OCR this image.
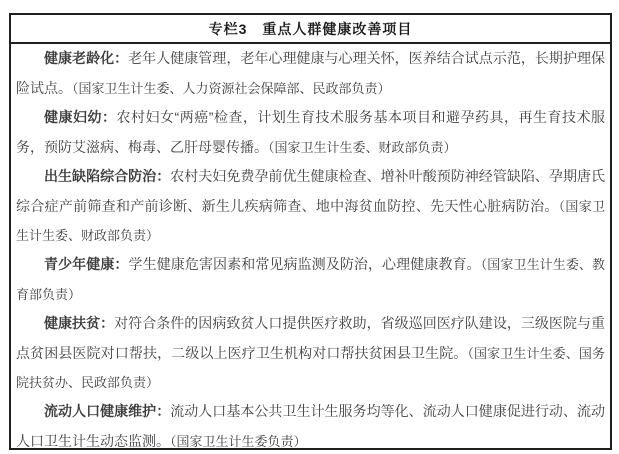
专栏3　重点人群健康改善项目

健康老龄化：老年人健康管理，老年心理健康与心理关怀，医养结合试点示范，长期护理保险试点。（国家卫生计生委、人力资源社会保障部、民政部负责）

健康妇幼：农村妇女“两癌”检查，计划生育技术服务基本项目和避孕药具，再生育技术服务，预防艾滋病、梅毒、乙肝母婴传播。（国家卫生计生委、财政部负责）

出生缺陷综合防治：农村夫妇免费孕前优生健康检查、增补叶酸预防神经管缺陷、孕期唐氏综合症产前筛查和产前诊断、新生儿疾病筛查、地中海贫血防控、先天性心脏病防治。（国家卫生计生委、财政部负责）

青少年健康：学生健康危害因素和常见病监测及防治，心理健康教育。（国家卫生计生委、教育部负责）

健康扶贫：对符合条件的因病致贫人口提供医疗救助，省级巡回医疗队建设，三级医院与重点贫困县医院对口帮扶，二级以上医疗卫生机构对口帮扶贫困县卫生院。（国家卫生计生委、国务院扶贫办、民政部负责）

流动人口健康维护：流动人口基本公共卫生计生服务均等化、流动人口健康促进行动、流动人口卫生计生动态监测。（国家卫生计生委负责）
